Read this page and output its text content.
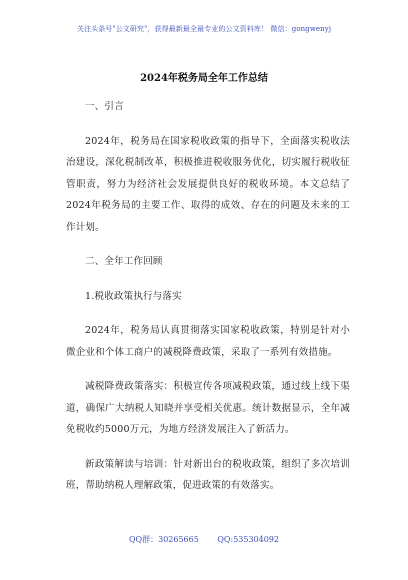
关注头条号"公文研究"，获得最新最全最专业的公文资料库！ 微信：gongwenyj
2024年税务局全年工作总结
一、引言

2024年，税务局在国家税收政策的指导下，全面落实税收法治建设，深化税制改革，积极推进税收服务优化，切实履行税收征管职责，努力为经济社会发展提供良好的税收环境。本文总结了2024年税务局的主要工作、取得的成效、存在的问题及未来的工作计划。

二、全年工作回顾
1.税收政策执行与落实

2024年，税务局认真贯彻落实国家税收政策，特别是针对小微企业和个体工商户的减税降费政策，采取了一系列有效措施。

减税降费政策落实：积极宣传各项减税政策，通过线上线下渠道，确保广大纳税人知晓并享受相关优惠。统计数据显示，全年减免税收约5000万元，为地方经济发展注入了新活力。

新政策解读与培训：针对新出台的税收政策，组织了多次培训班，帮助纳税人理解政策，促进政策的有效落实。

QQ群：30265665 QQ:535304092
